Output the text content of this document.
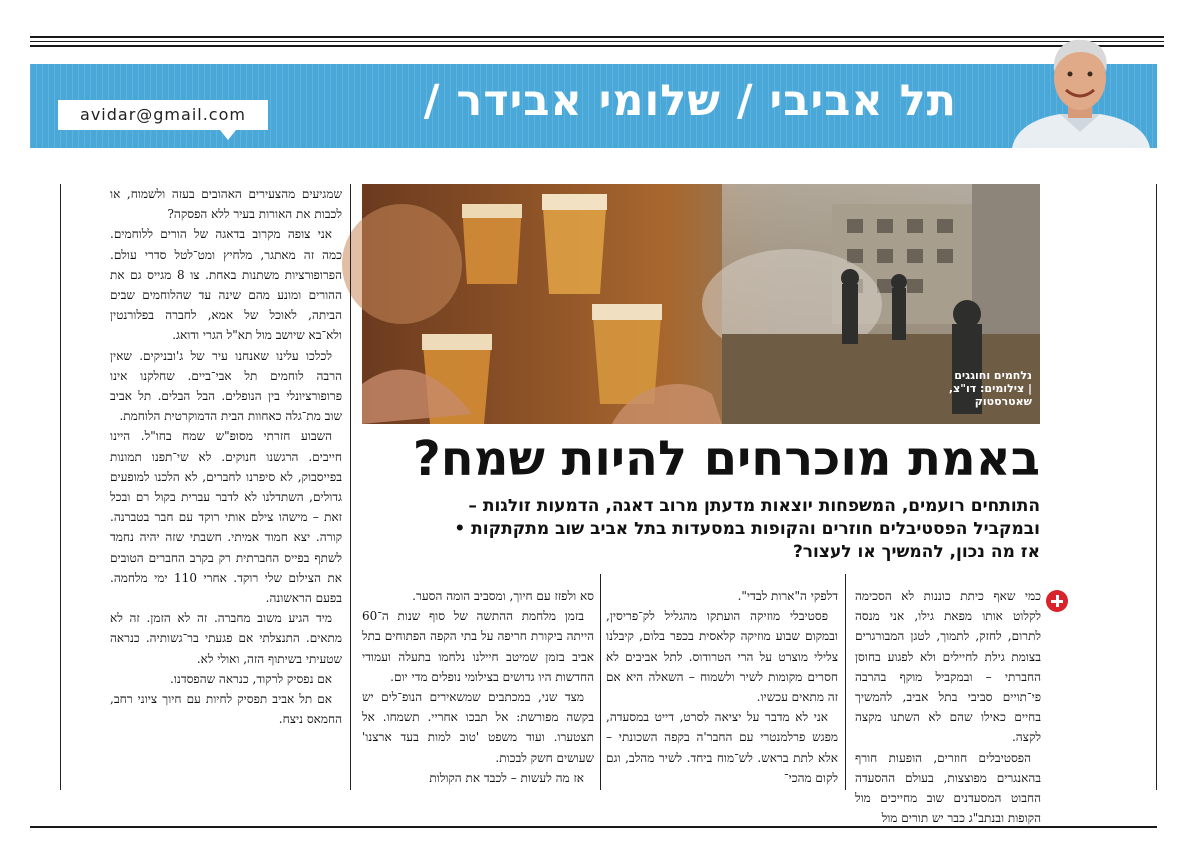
תל אביבי / שלומי אבידר /
avidar@gmail.com
נלחמים וחוגגים
| צילומים: דו"צ,
שאטרסטוק
באמת מוכרחים להיות שמח?
התותחים רועמים, המשפחות יוצאות מדעתן מרוב דאגה, הדמעות זולגות –
ובמקביל הפסטיבלים חוזרים והקופות במסעדות בתל אביב שוב מתקתקות •
אז מה נכון, להמשיך או לעצור?

כמי שאף כיתת כוננות לא הסכימה לקלוט אותו מפאת גילו, אני מנסה לתרום, לחזק, לתמוך, לטגן המבורגרים בצומת גילת לחיילים ולא לפגוע בחוסן החברתי – ובמקביל מוקף בהרבה פי־תויים סביבי בתל אביב, להמשיך בחיים כאילו שהם לא השתנו מקצה לקצה.

הפסטיבלים חוזרים, הופעות חורף בהאנגרים מפוצצות, בעולם ההסעדה החבוט המסעדנים שוב מחייכים מול הקופות ובנתב"ג כבר יש תורים מול

דלפקי ה"ארות לבדי".

פסטיבלי מוזיקה הועתקו מהגליל לק־פריסין, ובמקום שבוע מוזיקה קלאסית בכפר בלום, קיבלנו צלילי מוצרט על הרי הטרודוס. לתל אביבים לא חסרים מקומות לשיר ולשמוח – השאלה היא אם זה מתאים עכשיו.

אני לא מדבר על יציאה לסרט, דייט במסעדה, מפגש פרלמנטרי עם החבר'ה בקפה השכונתי – אלא לתת בראש. לש־מוח ביחד. לשיר מהלב, וגם לקום מהכי־

סא ולפזז עם חיוך, ומסביב הומה הסער.

בזמן מלחמת ההתשה של סוף שנות ה־60 הייתה ביקורת חריפה על בתי הקפה הפתוחים בתל אביב בזמן שמיטב חיילנו נלחמו בתעלה ועמודי החדשות היו גדושים בצילומי נופלים מדי יום.

מצד שני, במכתבים שמשאירים הנופ־לים יש בקשה מפורשת: אל תבכו אחריי. תשמחו. אל תצטערו. ועוד משפט 'טוב למות בעד ארצנו' שעושים חשק לבכות.

אז מה לעשות – לכבד את הקולות

שמגיעים מהצעירים האהובים בעזה ולשמוח, או לכבות את האורות בעיר ללא הפסקה?

אני צופה מקרוב בדאגה של הורים ללוחמים. כמה זה מאתגר, מלחיץ ומט־לטל סדרי עולם. הפרופורציות משתנות באחת. צו 8 מגייס גם את ההורים ומונע מהם שינה עד שהלוחמים שבים הביתה, לאוכל של אמא, לחברה בפלורנטין ולא־בא שיושב מול תא"ל הגרי ודואג.

לכלכו עלינו שאנחנו עיר של ג'ובניקים. שאין הרבה לוחמים תל אבי־ביים. שחלקנו אינו פרופורציונלי בין הנופלים. הבל הבלים. תל אביב שוב מת־גלה כאחוות הבית הדמוקרטית הלוחמת.

השבוע חזרתי מסופ"ש שמח בחו"ל. היינו חייבים. הרגשנו חנוקים. לא שי־תפנו תמונות בפייסבוק, לא סיפרנו לחברים, לא הלכנו למופעים גדולים, השתדלנו לא לדבר עברית בקול רם ובכל זאת – מישהו צילם אותי רוקד עם חבר בטברנה. קורה. יצא חמוד אמיתי. חשבתי שזה יהיה נחמד לשתף בפייס החברתית רק בקרב החברים הטובים את הצילום שלי רוקד. אחרי 110 ימי מלחמה. בפעם הראשונה.

מיד הגיע משוב מחברה. זה לא הזמן. זה לא מתאים. התנצלתי אם פגעתי בר־גשותיה. כנראה שטעיתי בשיתוף הזה, ואולי לא.

אם נפסיק לרקוד, כנראה שהפסדנו.

אם תל אביב תפסיק לחיות עם חיוך ציוני רחב, החמאס ניצח.
